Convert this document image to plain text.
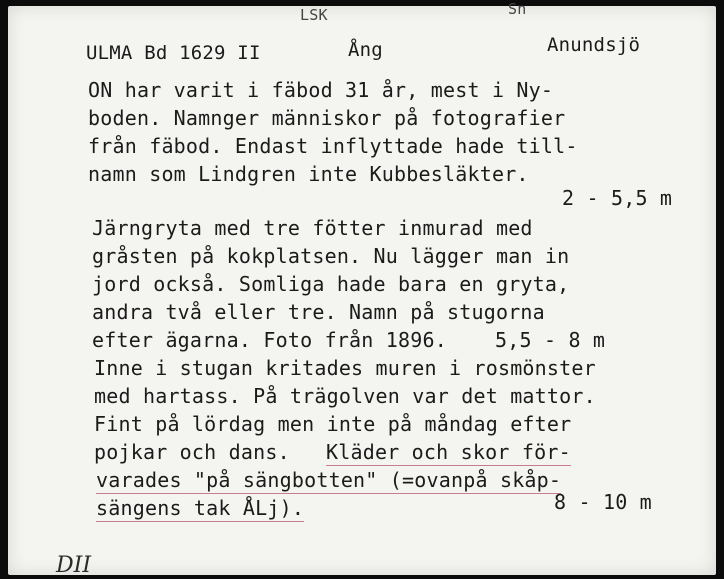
LSK	Sn
ULMA Bd 1629 II	Ång	Anundsjö
ON har varit i fäbod 31 år, mest i Ny-
boden. Namnger människor på fotografier
från fäbod. Endast inflyttade hade till-
namn som Lindgren inte Kubbesläkter.
2 - 5,5 m
Järngryta med tre fötter inmurad med
gråsten på kokplatsen. Nu lägger man in
jord också. Somliga hade bara en gryta,
andra två eller tre. Namn på stugorna
efter ägarna. Foto från 1896. 5,5 - 8 m
Inne i stugan kritades muren i rosmönster
med hartass. På trägolven var det mattor.
Fint på lördag men inte på måndag efter
pojkar och dans. Kläder och skor för-
varades "på sängbotten" (=ovanpå skåp-
sängens tak ÅLj).	8 - 10 m
DII
